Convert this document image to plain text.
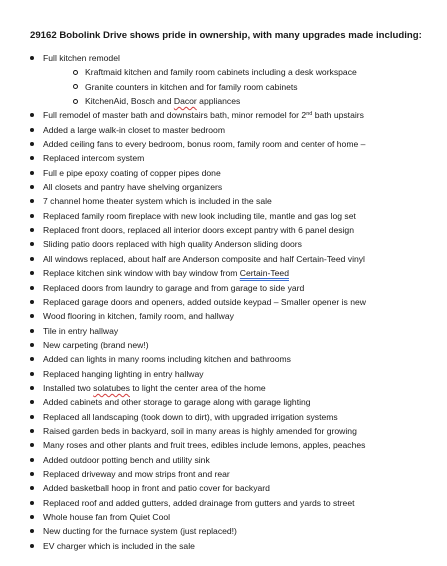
29162 Bobolink Drive shows pride in ownership, with many upgrades made including:
Full kitchen remodel
Kraftmaid kitchen and family room cabinets including a desk workspace
Granite counters in kitchen and for family room cabinets
KitchenAid, Bosch and Dacor appliances
Full remodel of master bath and downstairs bath, minor remodel for 2nd bath upstairs
Added a large walk-in closet to master bedroom
Added ceiling fans to every bedroom, bonus room, family room and center of home –
Replaced intercom system
Full e pipe epoxy coating of copper pipes done
All closets and pantry have shelving organizers
7 channel home theater system which is included in the sale
Replaced family room fireplace with new look including tile, mantle and gas log set
Replaced front doors, replaced all interior doors except pantry with 6 panel design
Sliding patio doors replaced with high quality Anderson sliding doors
All windows replaced, about half are Anderson composite and half Certain-Teed vinyl
Replace kitchen sink window with bay window from Certain-Teed
Replaced doors from laundry to garage and from garage to side yard
Replaced garage doors and openers, added outside keypad – Smaller opener is new
Wood flooring in kitchen, family room, and hallway
Tile in entry hallway
New carpeting (brand new!)
Added can lights in many rooms including kitchen and bathrooms
Replaced hanging lighting in entry hallway
Installed two solatubes to light the center area of the home
Added cabinets and other storage to garage along with garage lighting
Replaced all landscaping (took down to dirt), with upgraded irrigation systems
Raised garden beds in backyard, soil in many areas is highly amended for growing
Many roses and other plants and fruit trees, edibles include lemons, apples, peaches
Added outdoor potting bench and utility sink
Replaced driveway and mow strips front and rear
Added basketball hoop in front and patio cover for backyard
Replaced roof and added gutters, added drainage from gutters and yards to street
Whole house fan from Quiet Cool
New ducting for the furnace system (just replaced!)
EV charger which is included in the sale
